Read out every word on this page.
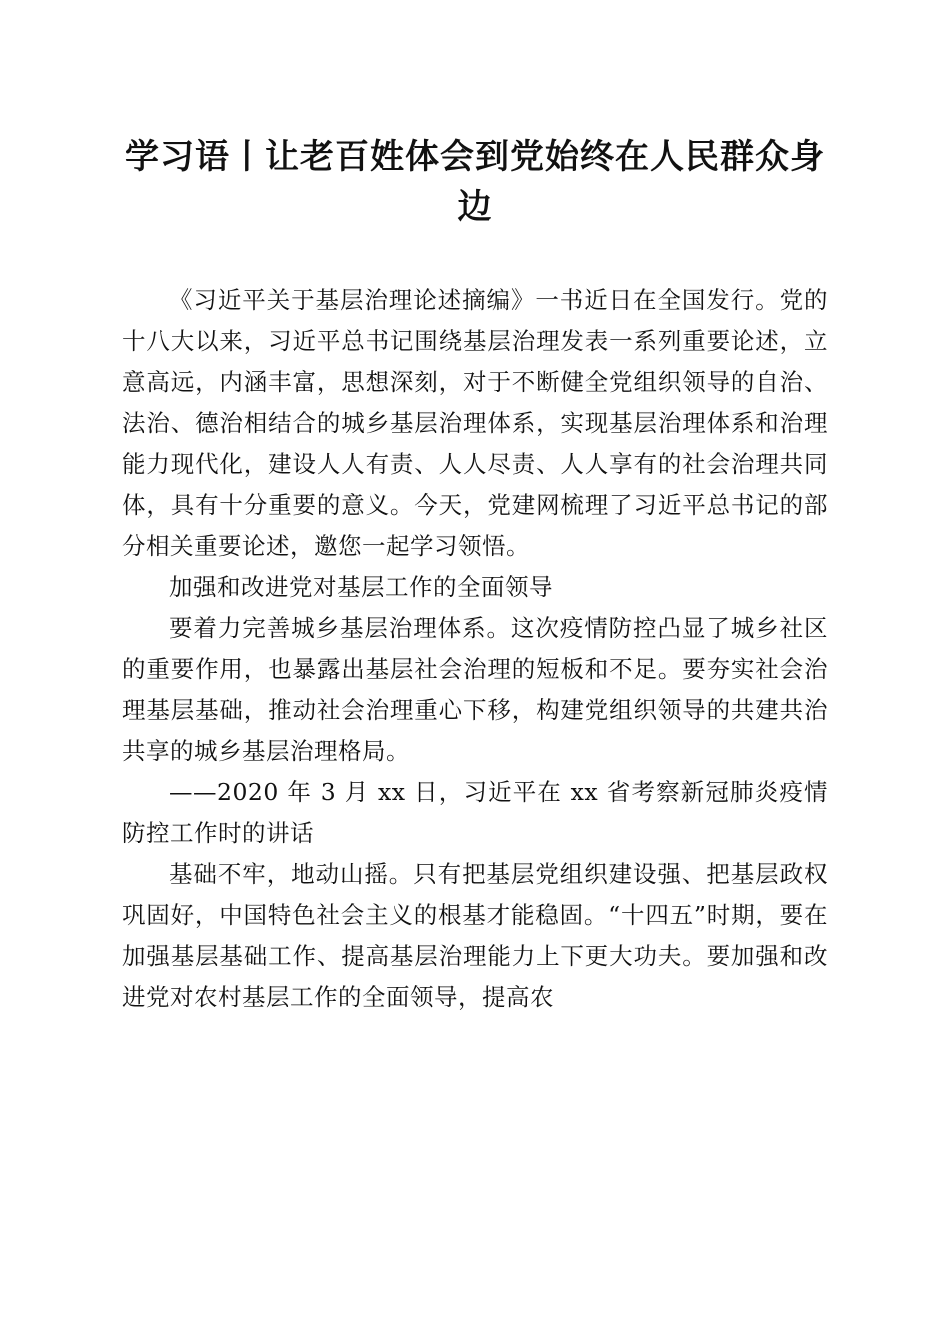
学习语丨让老百姓体会到党始终在人民群众身边

《习近平关于基层治理论述摘编》一书近日在全国发行。党的十八大以来，习近平总书记围绕基层治理发表一系列重要论述，立意高远，内涵丰富，思想深刻，对于不断健全党组织领导的自治、法治、德治相结合的城乡基层治理体系，实现基层治理体系和治理能力现代化，建设人人有责、人人尽责、人人享有的社会治理共同体，具有十分重要的意义。今天，党建网梳理了习近平总书记的部分相关重要论述，邀您一起学习领悟。

加强和改进党对基层工作的全面领导

要着力完善城乡基层治理体系。这次疫情防控凸显了城乡社区的重要作用，也暴露出基层社会治理的短板和不足。要夯实社会治理基层基础，推动社会治理重心下移，构建党组织领导的共建共治共享的城乡基层治理格局。

——2020 年 3 月 xx 日，习近平在 xx 省考察新冠肺炎疫情防控工作时的讲话

基础不牢，地动山摇。只有把基层党组织建设强、把基层政权巩固好，中国特色社会主义的根基才能稳固。“十四五”时期，要在加强基层基础工作、提高基层治理能力上下更大功夫。要加强和改进党对农村基层工作的全面领导，提高农
